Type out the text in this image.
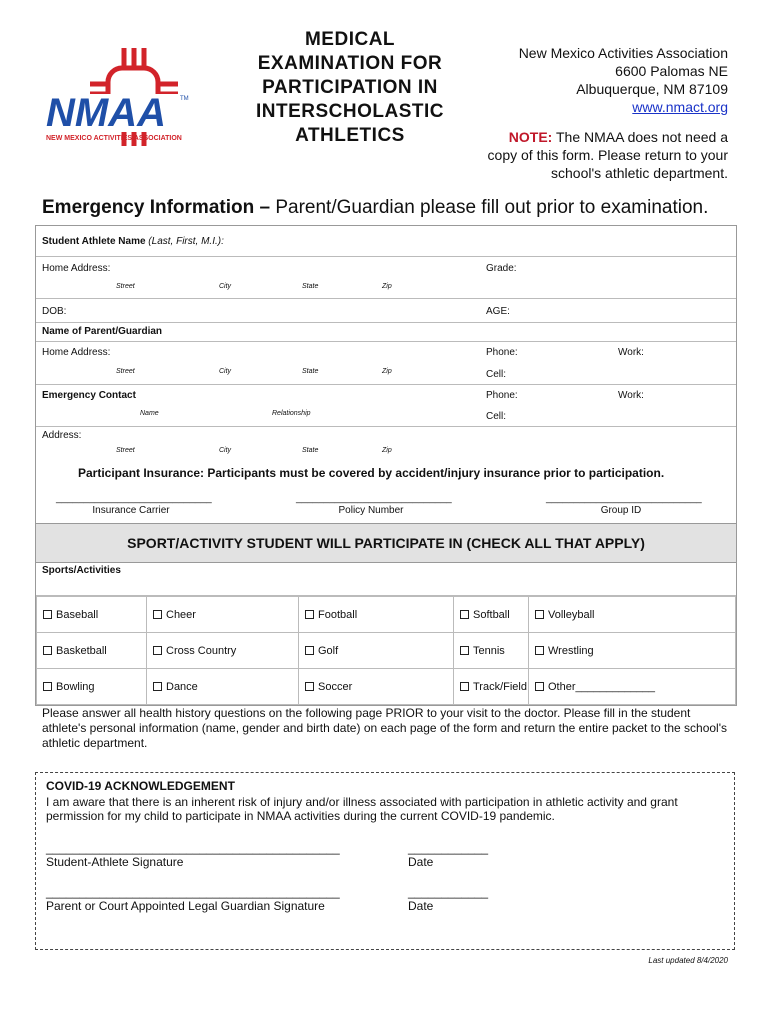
NMAA TM
NEW MEXICO ACTIVITIES ASSOCIATION
MEDICAL
EXAMINATION FOR
PARTICIPATION IN
INTERSCHOLASTIC
ATHLETICS
New Mexico Activities Association
6600 Palomas NE
Albuquerque, NM 87109
www.nmact.org
NOTE: The NMAA does not need a copy of this form. Please return to your school's athletic department.
Emergency Information – Parent/Guardian please fill out prior to examination.
Student Athlete Name (Last, First, M.I.):
Home Address:	Grade:
Street	City	State	Zip
DOB:	AGE:
Name of Parent/Guardian
Home Address:	Phone:	Work:
Street	City	State	Zip	Cell:
Emergency Contact	Phone:	Work:
Name	Relationship	Cell:
Address:
Street	City	State	Zip
Participant Insurance: Participants must be covered by accident/injury insurance prior to participation.
____________________________
Insurance Carrier
____________________________
Policy Number
____________________________
Group ID
SPORT/ACTIVITY STUDENT WILL PARTICIPATE IN (CHECK ALL THAT APPLY)
Sports/Activities
Baseball	Cheer	Football	Softball	Volleyball
Basketball	Cross Country	Golf	Tennis	Wrestling
Bowling	Dance	Soccer	Track/Field	Other_____________
Please answer all health history questions on the following page PRIOR to your visit to the doctor. Please fill in the student athlete's personal information (name, gender and birth date) on each page of the form and return the entire packet to the school's athletic department.
COVID-19 ACKNOWLEDGEMENT
I am aware that there is an inherent risk of injury and/or illness associated with participation in athletic activity and grant permission for my child to participate in NMAA activities during the current COVID-19 pandemic.
____________________________________________
Student-Athlete Signature
____________
Date
____________________________________________
Parent or Court Appointed Legal Guardian Signature
____________
Date
Last updated 8/4/2020
